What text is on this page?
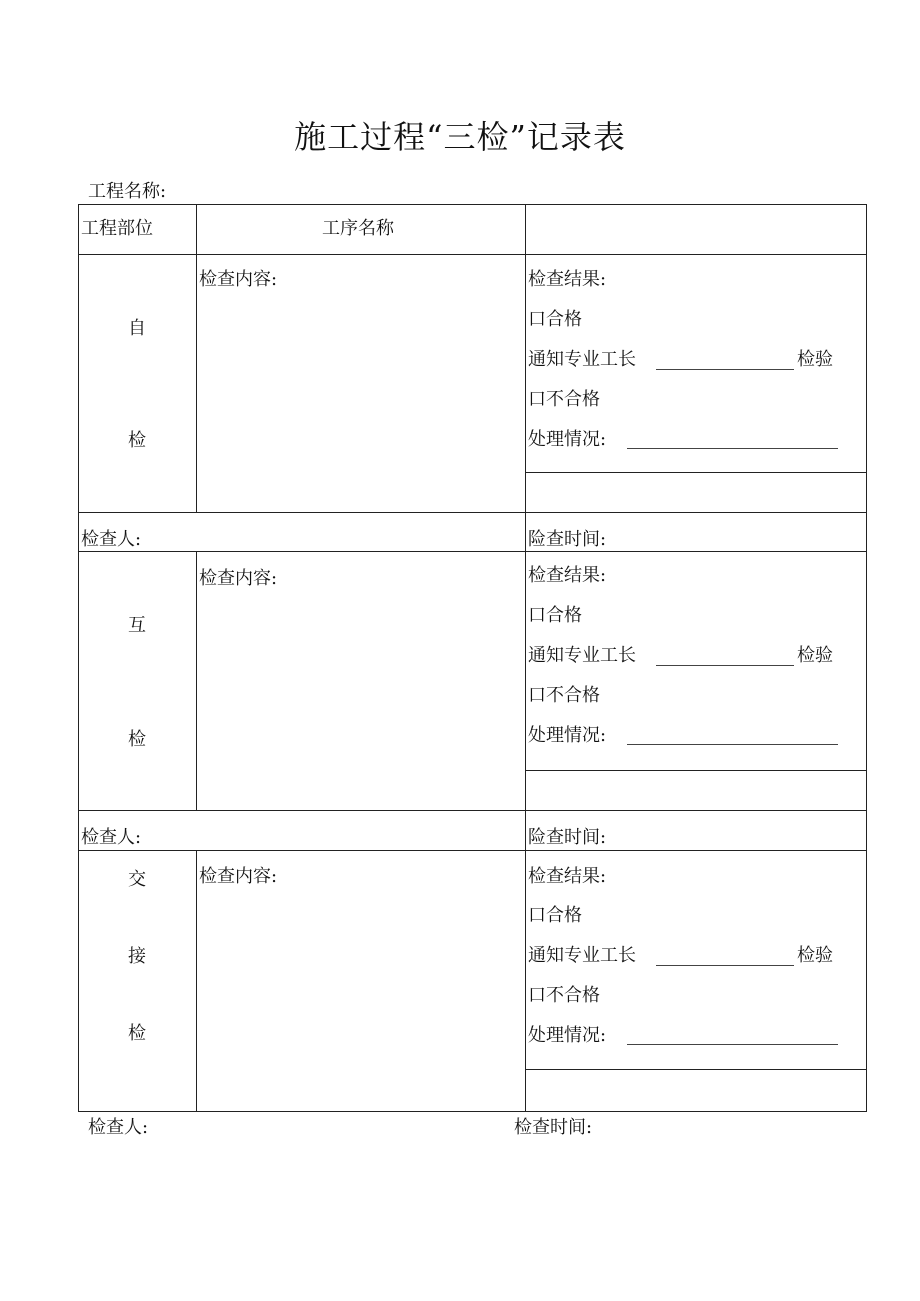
施工过程“三检”记录表
工程名称:
工程部位	工序名称
自
检
检查内容:	检查结果:
口合格
通知专业工长	检验
口不合格
处理情况:
检查人:	险查时间:
互
检
检查内容:	检查结果:
口合格
通知专业工长	检验
口不合格
处理情况:
检查人:	险查时间:
交
接
检
检查内容:	检查结果:
口合格
通知专业工长	检验
口不合格
处理情况:
检查人:	检查时间:
